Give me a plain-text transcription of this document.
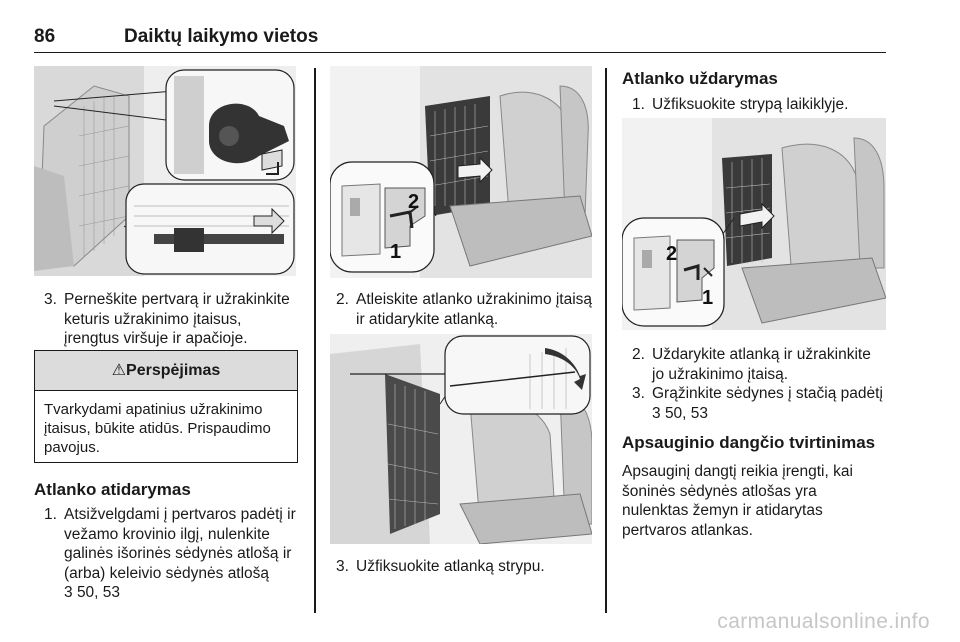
86	Daiktų laikymo vietos
3. Perneškite pertvarą ir užrakinkite keturis užrakinimo įtaisus, įrengtus viršuje ir apačioje.
⚠Perspėjimas
Tvarkydami apatinius užrakinimo įtaisus, būkite atidūs. Prispaudimo pavojus.
Atlanko atidarymas
1. Atsižvelgdami į pertvaros padėtį ir vežamo krovinio ilgį, nulenkite galinės išorinės sėdynės atlošą ir (arba) keleivio sėdynės atlošą
3 50, 53
2
1
2. Atleiskite atlanko užrakinimo įtaisą ir atidarykite atlanką.
3. Užfiksuokite atlanką strypu.
Atlanko uždarymas
1. Užfiksuokite strypą laikiklyje.
2
1
2. Uždarykite atlanką ir užrakinkite jo užrakinimo įtaisą.
3. Grąžinkite sėdynes į stačią padėtį
3 50, 53
Apsauginio dangčio tvirtinimas
Apsauginį dangtį reikia įrengti, kai šoninės sėdynės atlošas yra nulenktas žemyn ir atidarytas pertvaros atlankas.
carmanualsonline.info
